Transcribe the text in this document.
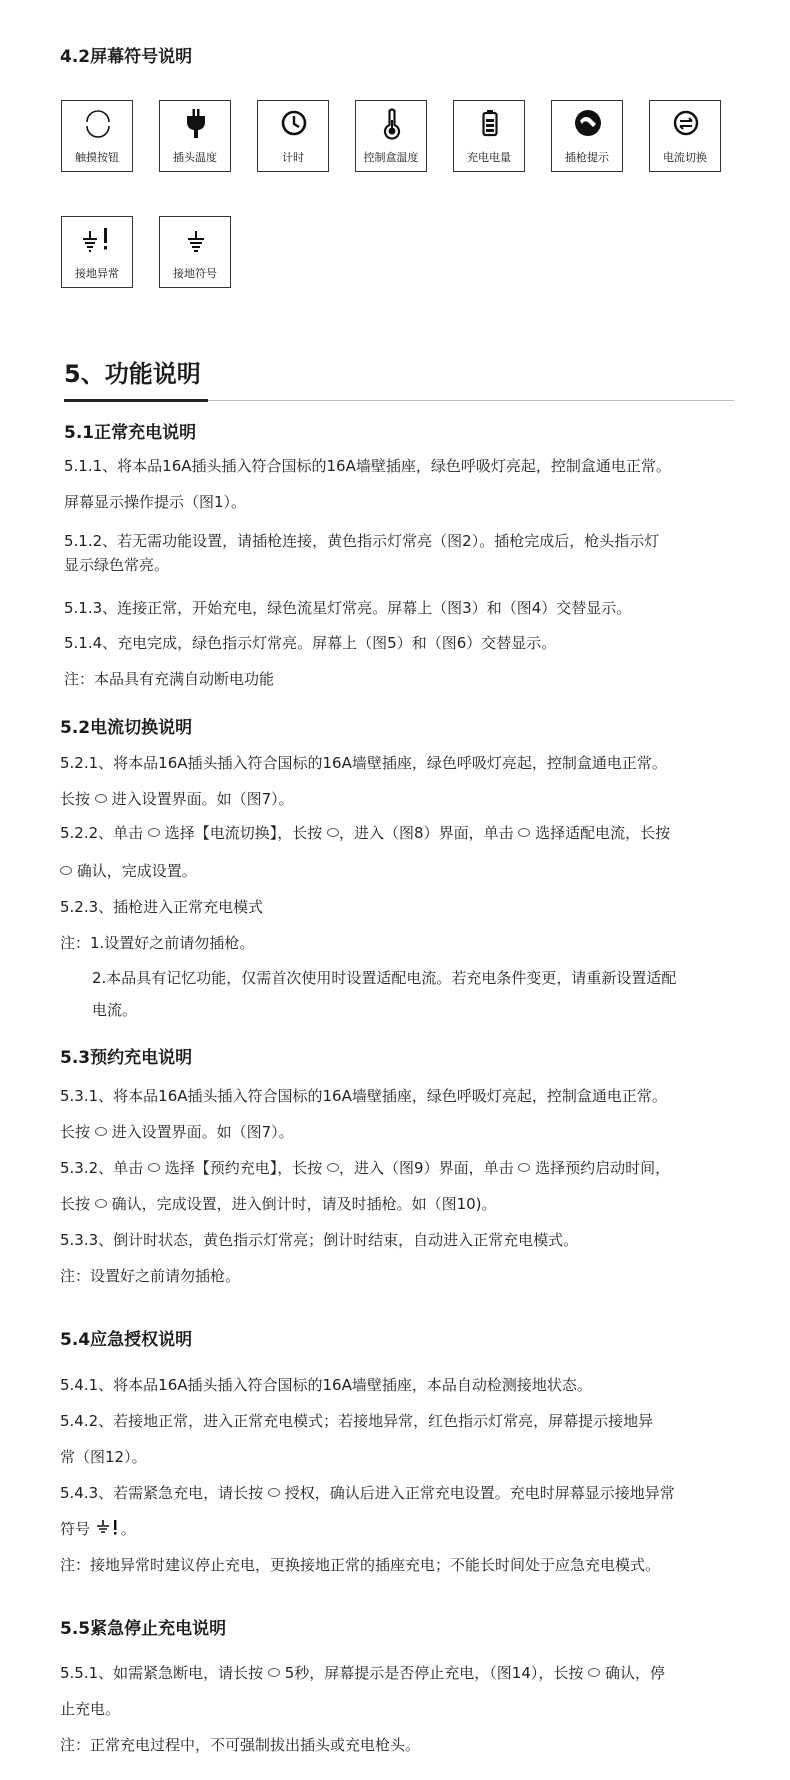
4.2屏幕符号说明
触摸按钮	插头温度	计时	控制盒温度	充电电量	插枪提示	电流切换
接地异常	接地符号
5、功能说明
5.1正常充电说明
5.1.1、将本品16A插头插入符合国标的16A墙壁插座，绿色呼吸灯亮起，控制盒通电正常。
屏幕显示操作提示（图1）。
5.1.2、若无需功能设置，请插枪连接，黄色指示灯常亮（图2）。插枪完成后，枪头指示灯
显示绿色常亮。
5.1.3、连接正常，开始充电，绿色流星灯常亮。屏幕上（图3）和（图4）交替显示。
5.1.4、充电完成，绿色指示灯常亮。屏幕上（图5）和（图6）交替显示。
注：本品具有充满自动断电功能
5.2电流切换说明
5.2.1、将本品16A插头插入符合国标的16A墙壁插座，绿色呼吸灯亮起，控制盒通电正常。
长按 进入设置界面。如（图7）。
5.2.2、单击 选择【电流切换】，长按 ，进入（图8）界面，单击 选择适配电流，长按
确认，完成设置。
5.2.3、插枪进入正常充电模式
注：1.设置好之前请勿插枪。
2.本品具有记忆功能，仅需首次使用时设置适配电流。若充电条件变更，请重新设置适配
电流。
5.3预约充电说明
5.3.1、将本品16A插头插入符合国标的16A墙壁插座，绿色呼吸灯亮起，控制盒通电正常。
长按 进入设置界面。如（图7）。
5.3.2、单击 选择【预约充电】，长按 ，进入（图9）界面，单击 选择预约启动时间，
长按 确认，完成设置，进入倒计时，请及时插枪。如（图10)。
5.3.3、倒计时状态，黄色指示灯常亮；倒计时结束，自动进入正常充电模式。
注：设置好之前请勿插枪。
5.4应急授权说明
5.4.1、将本品16A插头插入符合国标的16A墙壁插座，本品自动检测接地状态。
5.4.2、若接地正常，进入正常充电模式；若接地异常，红色指示灯常亮，屏幕提示接地异
常（图12）。
5.4.3、若需紧急充电，请长按 授权，确认后进入正常充电设置。充电时屏幕显示接地异常
符号 。
注：接地异常时建议停止充电，更换接地正常的插座充电；不能长时间处于应急充电模式。
5.5紧急停止充电说明
5.5.1、如需紧急断电，请长按 5秒，屏幕提示是否停止充电，（图14），长按 确认，停
止充电。
注：正常充电过程中，不可强制拔出插头或充电枪头。
